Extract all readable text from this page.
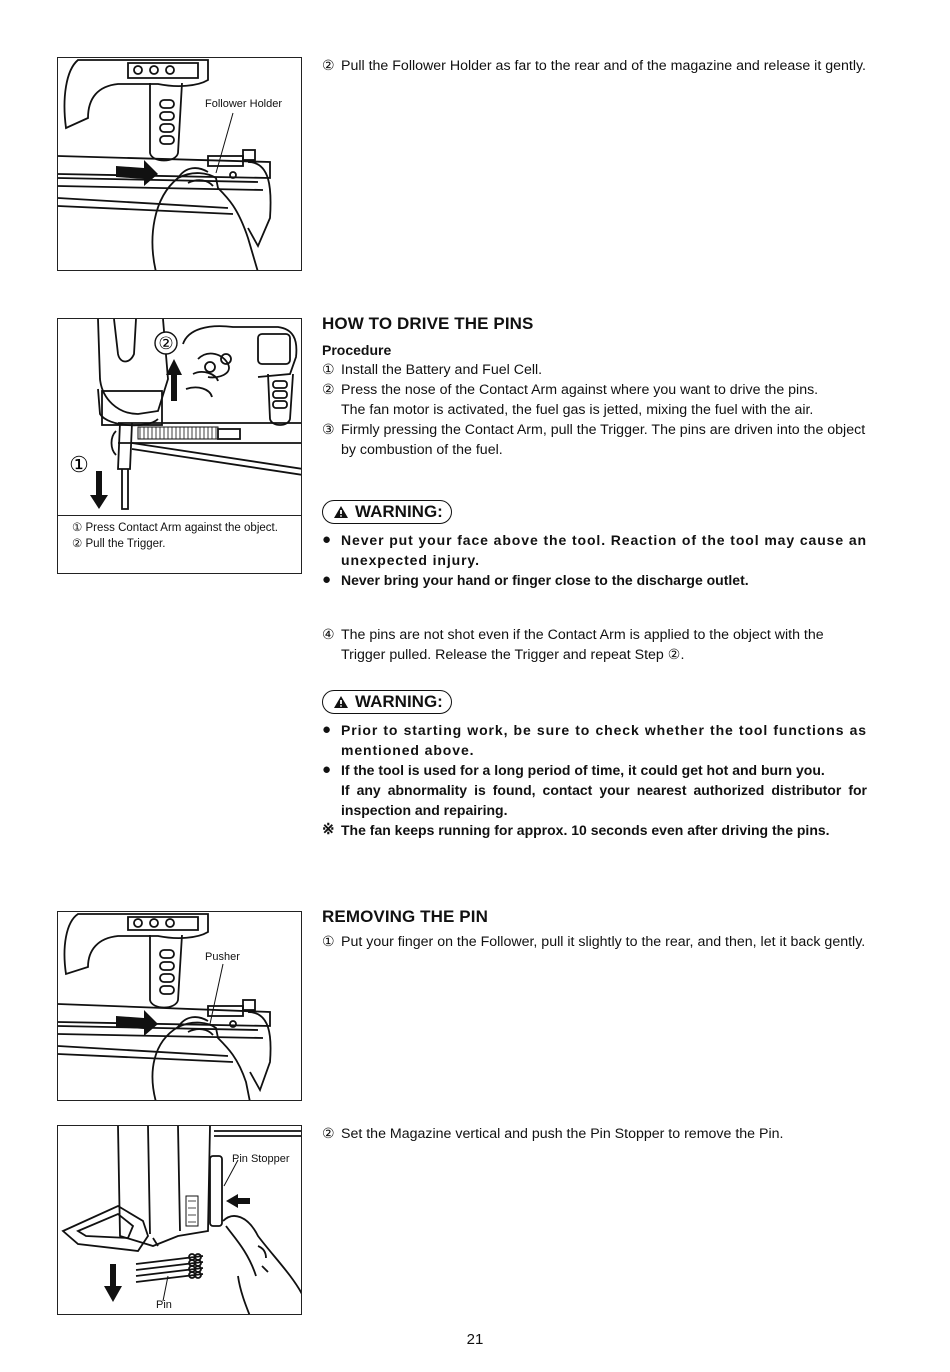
Follower Holder
② Pull the Follower Holder as far to the rear and of the magazine and release it gently.
②
①
① Press Contact Arm against the object.
② Pull the Trigger.
HOW TO DRIVE THE PINS
Procedure
① Install the Battery and Fuel Cell.
② Press the nose of the Contact Arm against where you want to drive the pins.
The fan motor is activated, the fuel gas is jetted, mixing the fuel with the air.
③ Firmly pressing the Contact Arm, pull the Trigger. The pins are driven into the object
by combustion of the fuel.
WARNING:
● Never put your face above the tool. Reaction of the tool may cause an unexpected injury.
● Never bring your hand or finger close to the discharge outlet.
④ The pins are not shot even if the Contact Arm is applied to the object with the Trigger pulled. Release the Trigger and repeat Step ②.
WARNING:
● Prior to starting work, be sure to check whether the tool functions as mentioned above.
● If the tool is used for a long period of time, it could get hot and burn you.
If any abnormality is found, contact your nearest authorized distributor for inspection and repairing.
※ The fan keeps running for approx. 10 seconds even after driving the pins.
Pusher
REMOVING THE PIN
① Put your finger on the Follower, pull it slightly to the rear, and then, let it back gently.
Pin Stopper
Pin
② Set the Magazine vertical and push the Pin Stopper to remove the Pin.
21
